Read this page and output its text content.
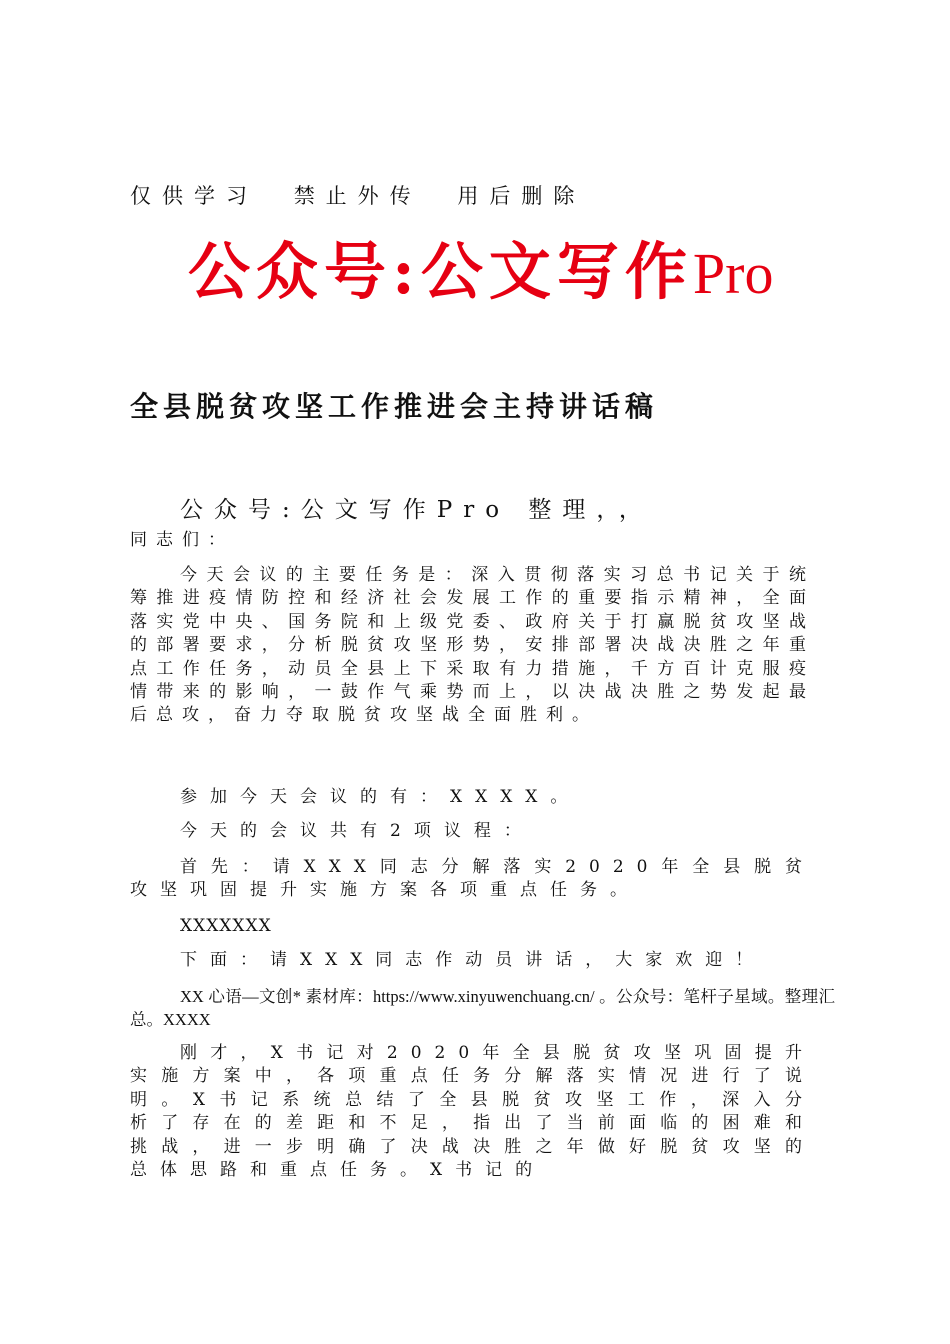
仅供学习 禁止外传 用后删除
公众号:公文写作Pro
全县脱贫攻坚工作推进会主持讲话稿
公众号:公文写作Pro 整理，，
同志们：
今天会议的主要任务是：深入贯彻落实习总书记关于统筹推进疫情防控和经济社会发展工作的重要指示精神，全面落实党中央、国务院和上级党委、政府关于打赢脱贫攻坚战的部署要求，分析脱贫攻坚形势，安排部署决战决胜之年重点工作任务，动员全县上下采取有力措施，千方百计克服疫情带来的影响，一鼓作气乘势而上，以决战决胜之势发起最后总攻，奋力夺取脱贫攻坚战全面胜利。
参加今天会议的有：XXXX。
今天的会议共有2项议程：
首先：请XXX同志分解落实2020年全县脱贫攻坚巩固提升实施方案各项重点任务。
XXXXXXX
下面：请XXX同志作动员讲话，大家欢迎！
XX 心语—文创* 素材库：https://www.xinyuwenchuang.cn/ 。公众号：笔杆子星域。整理汇总。XXXX
刚才，X书记对2020年全县脱贫攻坚巩固提升实施方案中，各项重点任务分解落实情况进行了说明。X书记系统总结了全县脱贫攻坚工作，深入分析了存在的差距和不足，指出了当前面临的困难和挑战，进一步明确了决战决胜之年做好脱贫攻坚的总体思路和重点任务。X书记的
